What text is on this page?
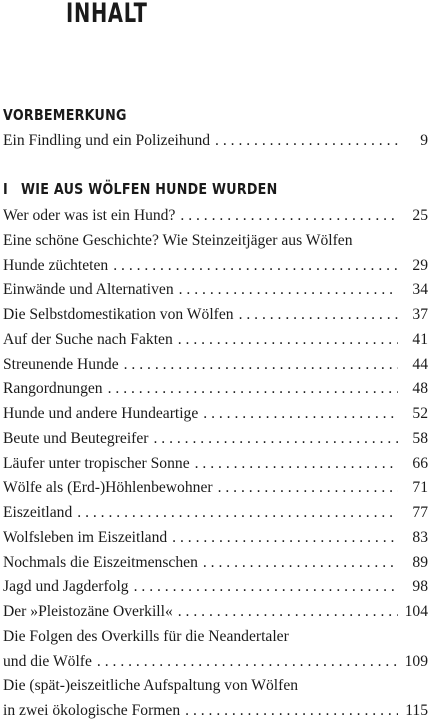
INHALT
VORBEMERKUNG
Ein Findling und ein Polizeihund . . .	9
I WIE AUS WÖLFEN HUNDE WURDEN
Wer oder was ist ein Hund? . . .	25
Eine schöne Geschichte? Wie Steinzeitjäger aus Wölfen
Hunde züchteten . . .	29
Einwände und Alternativen . . .	34
Die Selbstdomestikation von Wölfen . . .	37
Auf der Suche nach Fakten . . .	41
Streunende Hunde . . .	44
Rangordnungen . . .	48
Hunde und andere Hundeartige . . .	52
Beute und Beutegreifer . . .	58
Läufer unter tropischer Sonne . . .	66
Wölfe als (Erd-)Höhlenbewohner . . .	71
Eiszeitland . . .	77
Wolfsleben im Eiszeitland . . .	83
Nochmals die Eiszeitmenschen . . .	89
Jagd und Jagderfolg . . .	98
Der »Pleistozäne Overkill« . . .	104
Die Folgen des Overkills für die Neandertaler
und die Wölfe . . .	109
Die (spät-)eiszeitliche Aufspaltung von Wölfen
in zwei ökologische Formen . . .	115
